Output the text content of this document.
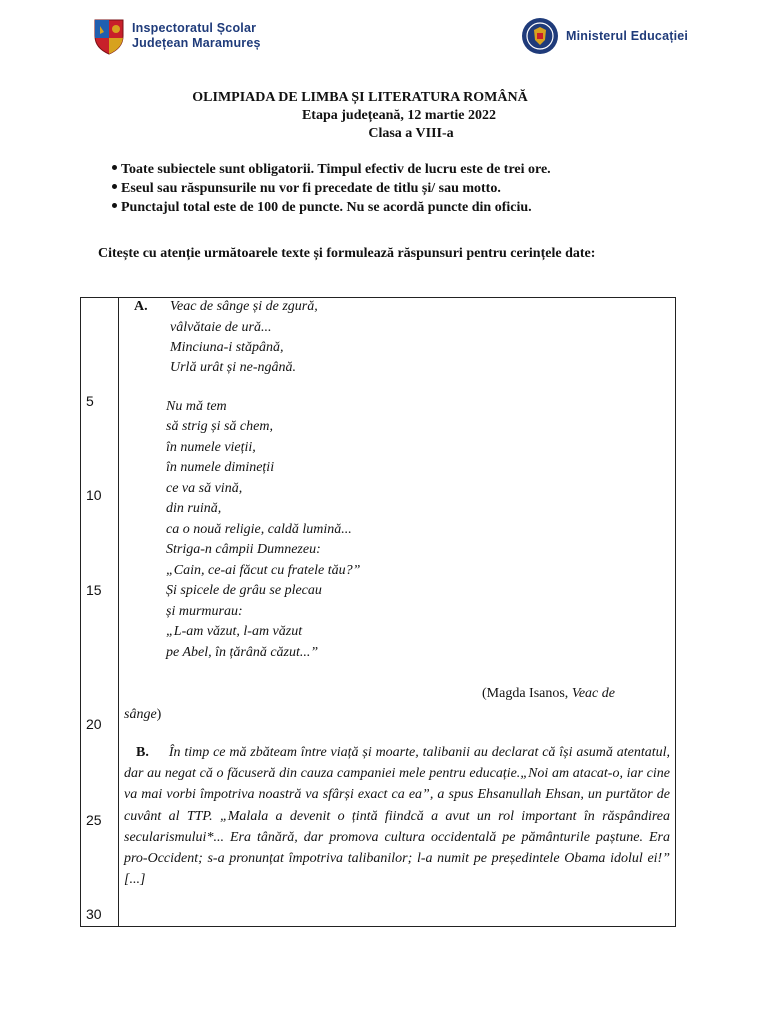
Inspectoratul Școlar
Județean Maramureș	Ministerul Educației
OLIMPIADA DE LIMBA ȘI LITERATURA ROMÂNĂ
Etapa județeană, 12 martie 2022
Clasa a VIII-a
Toate subiectele sunt obligatorii. Timpul efectiv de lucru este de trei ore.
Eseul sau răspunsurile nu vor fi precedate de titlu și/ sau motto.
Punctajul total este de 100 de puncte. Nu se acordă puncte din oficiu.
Citește cu atenție următoarele texte și formulează răspunsuri pentru cerințele date:
5
10
15
20
25
30
A. Veac de sânge și de zgură,
vâlvătaie de ură...
Minciuna-i stăpână,
Urlă urât și ne-ngână.
Nu mă tem
să strig și să chem,
în numele vieții,
în numele dimineții
ce va să vină,
din ruină,
ca o nouă religie, caldă lumină...
Striga-n câmpii Dumnezeu:
„Cain, ce-ai făcut cu fratele tău?”
Și spicele de grâu se plecau
și murmurau:
„L-am văzut, l-am văzut
pe Abel, în țărână căzut...”
(Magda Isanos, Veac de
sânge)
B. În timp ce mă zbăteam între viață și moarte, talibanii au declarat că își asumă atentatul, dar au negat că o făcuseră din cauza campaniei mele pentru educație.„Noi am atacat-o, iar cine va mai vorbi împotriva noastră va sfârși exact ca ea”, a spus Ehsanullah Ehsan, un purtător de cuvânt al TTP. „Malala a devenit o țintă fiindcă a avut un rol important în răspândirea secularismului*... Era tânără, dar promova cultura occidentală pe pământurile paștune. Era pro-Occident; s-a pronunțat împotriva talibanilor; l-a numit pe președintele Obama idolul ei!” [...]
